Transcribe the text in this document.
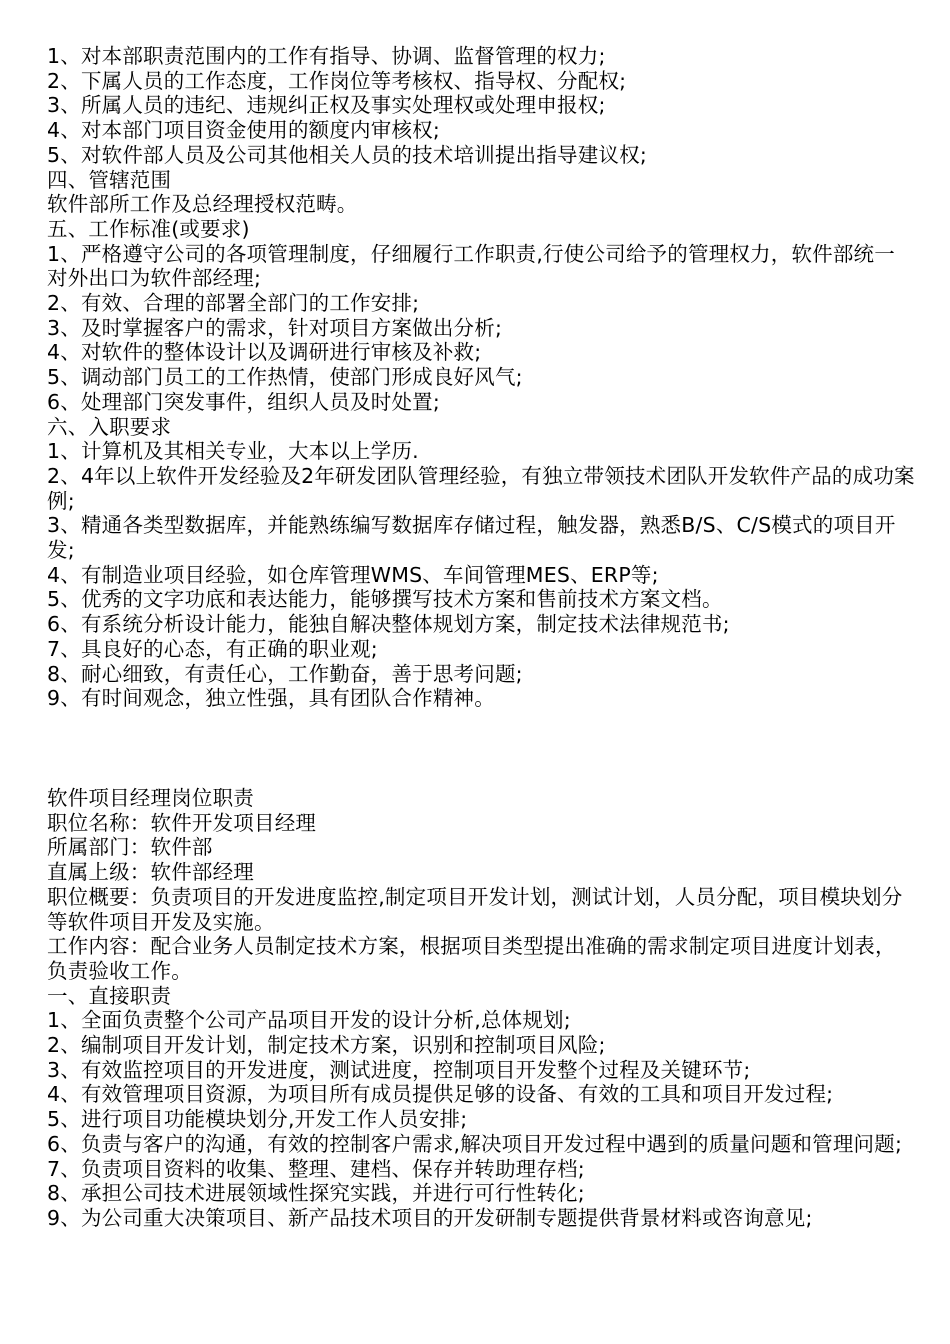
1、对本部职责范围内的工作有指导、协调、监督管理的权力;
2、下属人员的工作态度，工作岗位等考核权、指导权、分配权;
3、所属人员的违纪、违规纠正权及事实处理权或处理申报权;
4、对本部门项目资金使用的额度内审核权;
5、对软件部人员及公司其他相关人员的技术培训提出指导建议权;
四、管辖范围
软件部所工作及总经理授权范畴。
五、工作标准(或要求)
1、严格遵守公司的各项管理制度，仔细履行工作职责,行使公司给予的管理权力，软件部统一对外出口为软件部经理;
2、有效、合理的部署全部门的工作安排;
3、及时掌握客户的需求，针对项目方案做出分析;
4、对软件的整体设计以及调研进行审核及补救;
5、调动部门员工的工作热情，使部门形成良好风气;
6、处理部门突发事件，组织人员及时处置;
六、入职要求
1、计算机及其相关专业，大本以上学历.
2、4年以上软件开发经验及2年研发团队管理经验，有独立带领技术团队开发软件产品的成功案例;
3、精通各类型数据库，并能熟练编写数据库存储过程，触发器，熟悉B/S、C/S模式的项目开发;
4、有制造业项目经验，如仓库管理WMS、车间管理MES、ERP等;
5、优秀的文字功底和表达能力，能够撰写技术方案和售前技术方案文档。
6、有系统分析设计能力，能独自解决整体规划方案，制定技术法律规范书;
7、具良好的心态，有正确的职业观;
8、耐心细致，有责任心，工作勤奋，善于思考问题;
9、有时间观念，独立性强，具有团队合作精神。
软件项目经理岗位职责
职位名称：软件开发项目经理
所属部门：软件部
直属上级：软件部经理
职位概要：负责项目的开发进度监控,制定项目开发计划，测试计划，人员分配，项目模块划分等软件项目开发及实施。
工作内容：配合业务人员制定技术方案，根据项目类型提出准确的需求制定项目进度计划表，负责验收工作。
一、直接职责
1、全面负责整个公司产品项目开发的设计分析,总体规划;
2、编制项目开发计划，制定技术方案，识别和控制项目风险;
3、有效监控项目的开发进度，测试进度，控制项目开发整个过程及关键环节;
4、有效管理项目资源，为项目所有成员提供足够的设备、有效的工具和项目开发过程;
5、进行项目功能模块划分,开发工作人员安排;
6、负责与客户的沟通，有效的控制客户需求,解决项目开发过程中遇到的质量问题和管理问题;
7、负责项目资料的收集、整理、建档、保存并转助理存档;
8、承担公司技术进展领域性探究实践，并进行可行性转化;
9、为公司重大决策项目、新产品技术项目的开发研制专题提供背景材料或咨询意见;
